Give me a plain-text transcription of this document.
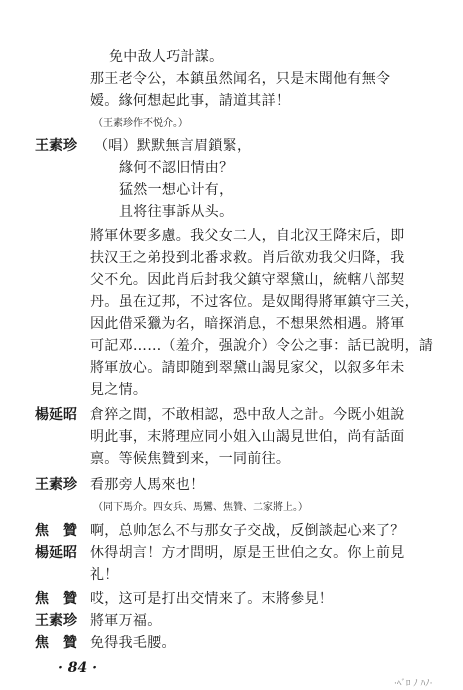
免中敌人巧計謀。
那王老令公，本鎮虽然闻名，只是末聞他有無令
嫒。緣何想起此事，請道其詳！
（王素珍作不悦介。）
王素珍 （唱）默默無言眉鎖緊，
緣何不認旧情由？
猛然一想心计有，
且将往事訴从头。
將軍休要多慮。我父女二人，自北汉王降宋后，即
扶汉王之弟投到北番求救。肖后欲劝我父归降，我
父不允。因此肖后封我父鎮守翠黛山，統轄八部契
丹。虽在辽邦，不过客位。是奴聞得將軍鎮守三关，
因此借采獵为名，暗探消息，不想果然相遇。將軍
可記邓……（羞介，强說介）令公之事：話已說明，請
將軍放心。請即随到翠黛山謁見家父，以叙多年未
見之情。
楊延昭 倉猝之間，不敢相認，恐中敌人之計。今既小姐說
明此事，末將理应同小姐入山謁見世伯，尚有話面
禀。等候焦贊到来，一同前往。
王素珍 看那旁人馬來也！
（同下馬介。四女兵、馬鸞、焦贊、二家將上。）
焦　贊 啊，总帅怎么不与那女子交战，反倒談起心来了？
楊延昭 休得胡言！方才問明，原是王世伯之女。你上前見
礼！
焦　贊 哎，这可是打出交情来了。末將參見！
王素珍 將軍万福。
焦　贊 免得我毛腰。
· 84 ·
·ﾍﾞﾛ ﾉ ﾊﾉ·
